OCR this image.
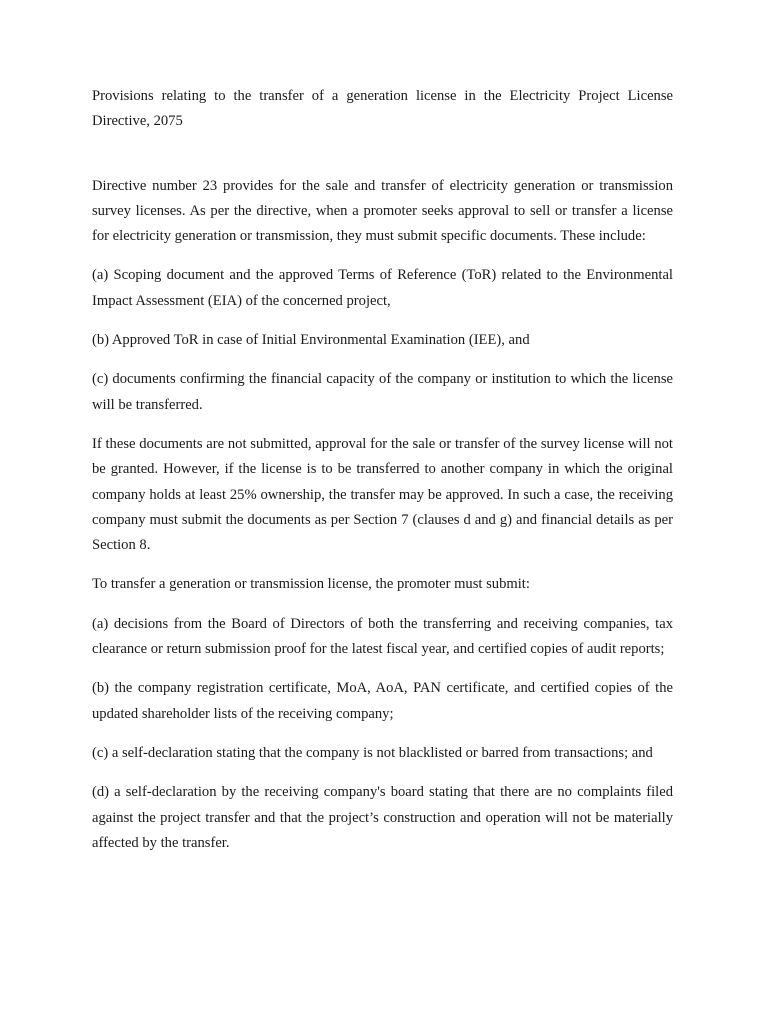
Provisions relating to the transfer of a generation license in the Electricity Project License Directive, 2075

Directive number 23 provides for the sale and transfer of electricity generation or transmission survey licenses. As per the directive, when a promoter seeks approval to sell or transfer a license for electricity generation or transmission, they must submit specific documents. These include:

(a) Scoping document and the approved Terms of Reference (ToR) related to the Environmental Impact Assessment (EIA) of the concerned project,

(b) Approved ToR in case of Initial Environmental Examination (IEE), and

(c) documents confirming the financial capacity of the company or institution to which the license will be transferred.

If these documents are not submitted, approval for the sale or transfer of the survey license will not be granted. However, if the license is to be transferred to another company in which the original company holds at least 25% ownership, the transfer may be approved. In such a case, the receiving company must submit the documents as per Section 7 (clauses d and g) and financial details as per Section 8.

To transfer a generation or transmission license, the promoter must submit:

(a) decisions from the Board of Directors of both the transferring and receiving companies, tax clearance or return submission proof for the latest fiscal year, and certified copies of audit reports;

(b) the company registration certificate, MoA, AoA, PAN certificate, and certified copies of the updated shareholder lists of the receiving company;

(c) a self-declaration stating that the company is not blacklisted or barred from transactions; and

(d) a self-declaration by the receiving company's board stating that there are no complaints filed against the project transfer and that the project’s construction and operation will not be materially affected by the transfer.
